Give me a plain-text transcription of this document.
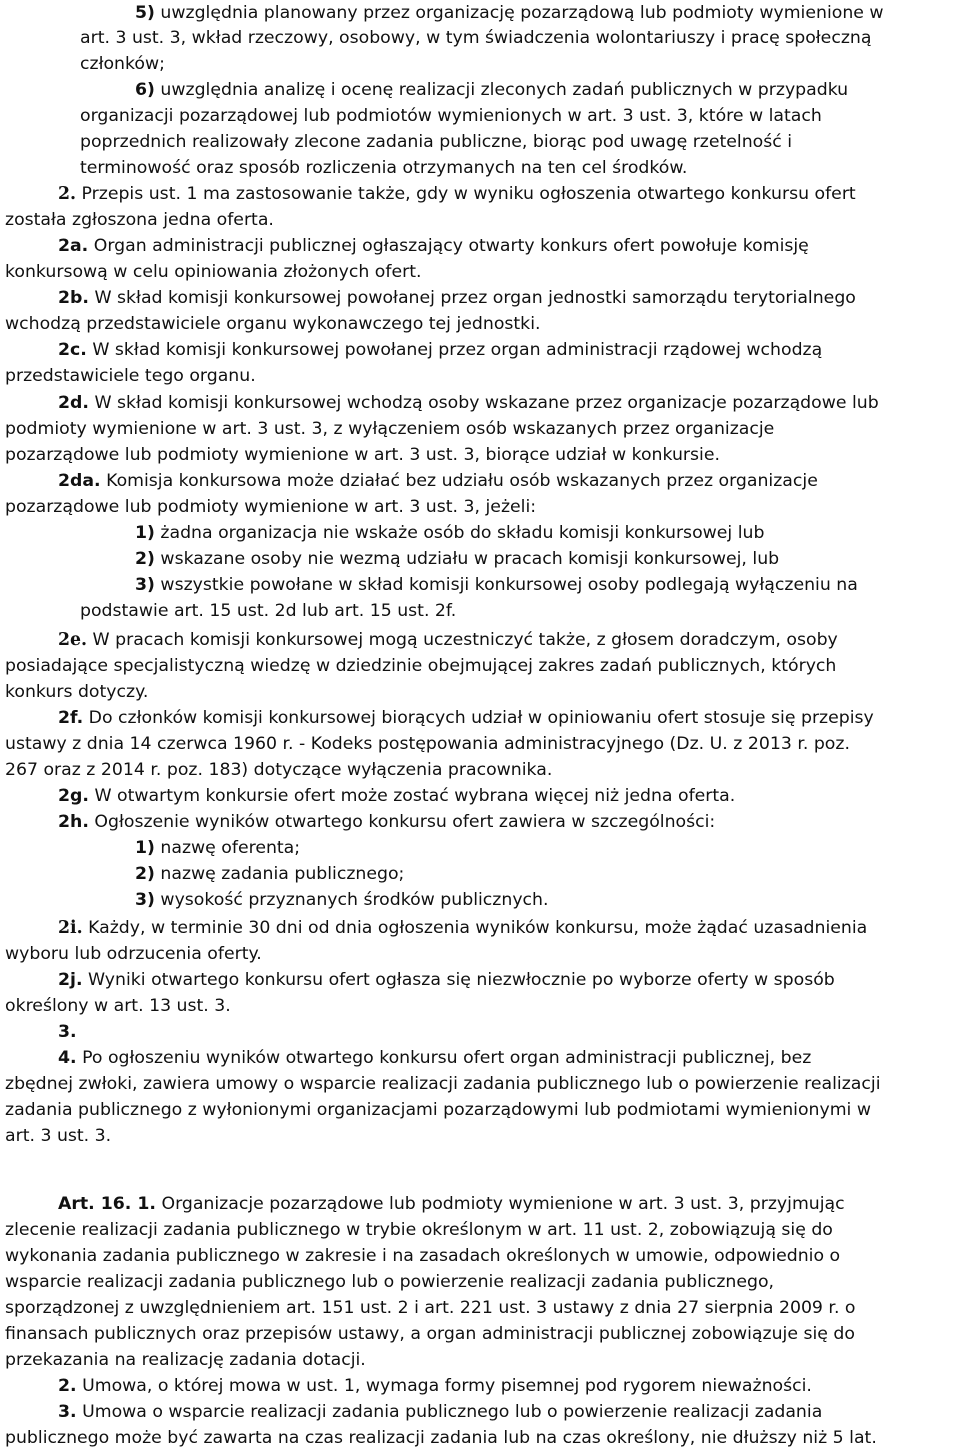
5) uwzględnia planowany przez organizację pozarządową lub podmioty wymienione w
art. 3 ust. 3, wkład rzeczowy, osobowy, w tym świadczenia wolontariuszy i pracę społeczną
członków;
6) uwzględnia analizę i ocenę realizacji zleconych zadań publicznych w przypadku
organizacji pozarządowej lub podmiotów wymienionych w art. 3 ust. 3, które w latach
poprzednich realizowały zlecone zadania publiczne, biorąc pod uwagę rzetelność i
terminowość oraz sposób rozliczenia otrzymanych na ten cel środków.
2. Przepis ust. 1 ma zastosowanie także, gdy w wyniku ogłoszenia otwartego konkursu ofert
została zgłoszona jedna oferta.
2a. Organ administracji publicznej ogłaszający otwarty konkurs ofert powołuje komisję
konkursową w celu opiniowania złożonych ofert.
2b. W skład komisji konkursowej powołanej przez organ jednostki samorządu terytorialnego
wchodzą przedstawiciele organu wykonawczego tej jednostki.
2c. W skład komisji konkursowej powołanej przez organ administracji rządowej wchodzą
przedstawiciele tego organu.
2d. W skład komisji konkursowej wchodzą osoby wskazane przez organizacje pozarządowe lub
podmioty wymienione w art. 3 ust. 3, z wyłączeniem osób wskazanych przez organizacje
pozarządowe lub podmioty wymienione w art. 3 ust. 3, biorące udział w konkursie.
2da. Komisja konkursowa może działać bez udziału osób wskazanych przez organizacje
pozarządowe lub podmioty wymienione w art. 3 ust. 3, jeżeli:
1) żadna organizacja nie wskaże osób do składu komisji konkursowej lub
2) wskazane osoby nie wezmą udziału w pracach komisji konkursowej, lub
3) wszystkie powołane w skład komisji konkursowej osoby podlegają wyłączeniu na
podstawie art. 15 ust. 2d lub art. 15 ust. 2f.
2e. W pracach komisji konkursowej mogą uczestniczyć także, z głosem doradczym, osoby
posiadające specjalistyczną wiedzę w dziedzinie obejmującej zakres zadań publicznych, których
konkurs dotyczy.
2f. Do członków komisji konkursowej biorących udział w opiniowaniu ofert stosuje się przepisy
ustawy z dnia 14 czerwca 1960 r. - Kodeks postępowania administracyjnego (Dz. U. z 2013 r. poz.
267 oraz z 2014 r. poz. 183) dotyczące wyłączenia pracownika.
2g. W otwartym konkursie ofert może zostać wybrana więcej niż jedna oferta.
2h. Ogłoszenie wyników otwartego konkursu ofert zawiera w szczególności:
1) nazwę oferenta;
2) nazwę zadania publicznego;
3) wysokość przyznanych środków publicznych.
2i. Każdy, w terminie 30 dni od dnia ogłoszenia wyników konkursu, może żądać uzasadnienia
wyboru lub odrzucenia oferty.
2j. Wyniki otwartego konkursu ofert ogłasza się niezwłocznie po wyborze oferty w sposób
określony w art. 13 ust. 3.
3.
4. Po ogłoszeniu wyników otwartego konkursu ofert organ administracji publicznej, bez
zbędnej zwłoki, zawiera umowy o wsparcie realizacji zadania publicznego lub o powierzenie realizacji
zadania publicznego z wyłonionymi organizacjami pozarządowymi lub podmiotami wymienionymi w
art. 3 ust. 3.
Art. 16. 1. Organizacje pozarządowe lub podmioty wymienione w art. 3 ust. 3, przyjmując
zlecenie realizacji zadania publicznego w trybie określonym w art. 11 ust. 2, zobowiązują się do
wykonania zadania publicznego w zakresie i na zasadach określonych w umowie, odpowiednio o
wsparcie realizacji zadania publicznego lub o powierzenie realizacji zadania publicznego,
sporządzonej z uwzględnieniem art. 151 ust. 2 i art. 221 ust. 3 ustawy z dnia 27 sierpnia 2009 r. o
finansach publicznych oraz przepisów ustawy, a organ administracji publicznej zobowiązuje się do
przekazania na realizację zadania dotacji.
2. Umowa, o której mowa w ust. 1, wymaga formy pisemnej pod rygorem nieważności.
3. Umowa o wsparcie realizacji zadania publicznego lub o powierzenie realizacji zadania
publicznego może być zawarta na czas realizacji zadania lub na czas określony, nie dłuższy niż 5 lat.
